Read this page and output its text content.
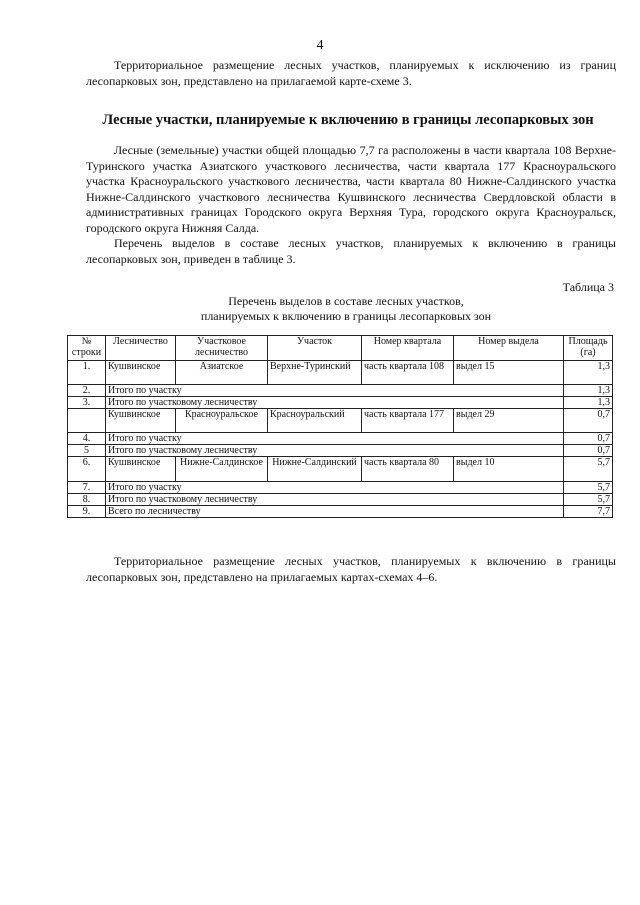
4

Территориальное размещение лесных участков, планируемых к исключению из границ лесопарковых зон, представлено на прилагаемой карте-схеме 3.

Лесные участки, планируемые к включению в границы лесопарковых зон

Лесные (земельные) участки общей площадью 7,7 га расположены в части квартала 108 Верхне-Туринского участка Азиатского участкового лесничества, части квартала 177 Красноуральского участка Красноуральского участкового лесничества, части квартала 80 Нижне-Салдинского участка Нижне-Салдинского участкового лесничества Кушвинского лесничества Свердловской области в административных границах Городского округа Верхняя Тура, городского округа Красноуральск, городского округа Нижняя Салда.

Перечень выделов в составе лесных участков, планируемых к включению в границы лесопарковых зон, приведен в таблице 3.

Таблица 3
Перечень выделов в составе лесных участков,
планируемых к включению в границы лесопарковых зон
№ строки	Лесничество	Участковое лесничество	Участок	Номер квартала	Номер выдела	Площадь (га)
1.	Кушвинское	Азиатское	Верхне-Туринский	часть квартала 108	выдел 15	1,3
2.	Итого по участку					1,3
3.	Итого по участковому лесничеству					1,3
	Кушвинское	Красноуральское	Красноуральский	часть квартала 177	выдел 29	0,7
4.	Итого по участку					0,7
5	Итого по участковому лесничеству					0,7
6.	Кушвинское	Нижне-Салдинское	Нижне-Салдинский	часть квартала 80	выдел 10	5,7
7.	Итого по участку					5,7
8.	Итого по участковому лесничеству					5,7
9.	Всего по лесничеству					7,7

Территориальное размещение лесных участков, планируемых к включению в границы лесопарковых зон, представлено на прилагаемых картах-схемах 4–6.
